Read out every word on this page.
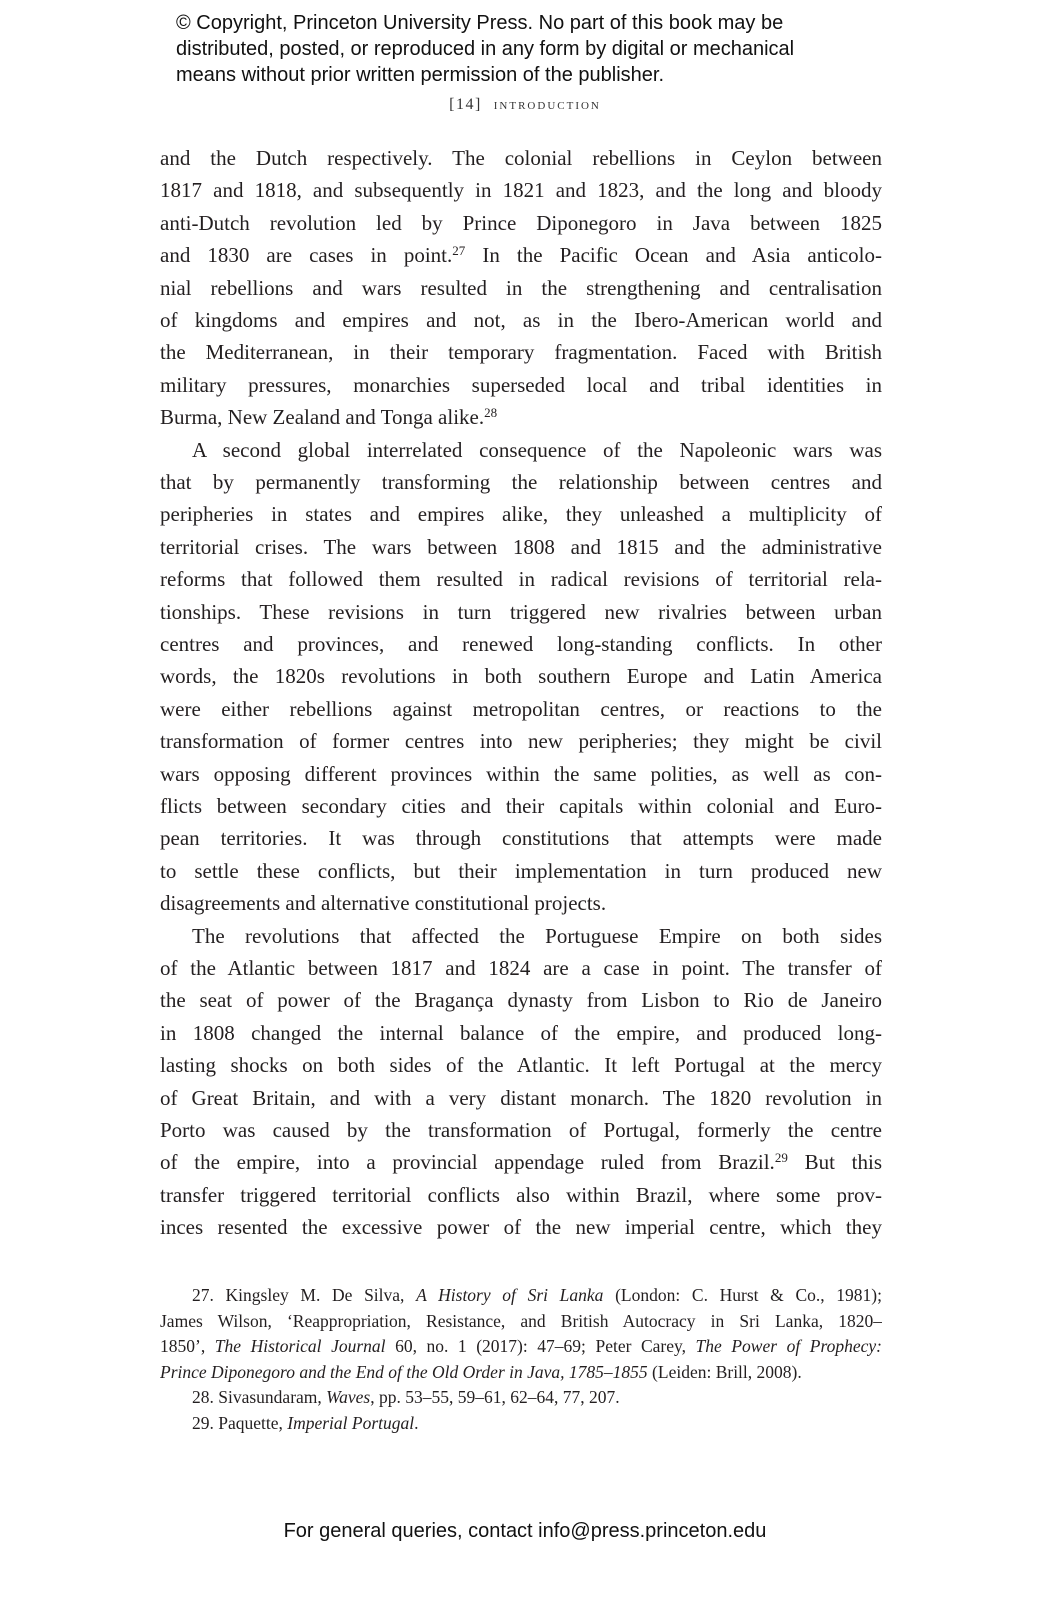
© Copyright, Princeton University Press. No part of this book may be
distributed, posted, or reproduced in any form by digital or mechanical
means without prior written permission of the publisher.
[14] introduction
and the Dutch respectively. The colonial rebellions in Ceylon between
1817 and 1818, and subsequently in 1821 and 1823, and the long and bloody
anti-Dutch revolution led by Prince Diponegoro in Java between 1825
and 1830 are cases in point.$^{27}$ In the Pacific Ocean and Asia anticolo-
nial rebellions and wars resulted in the strengthening and centralisation
of kingdoms and empires and not, as in the Ibero-American world and
the Mediterranean, in their temporary fragmentation. Faced with British
military pressures, monarchies superseded local and tribal identities in
Burma, New Zealand and Tonga alike.$^{28}$
A second global interrelated consequence of the Napoleonic wars was
that by permanently transforming the relationship between centres and
peripheries in states and empires alike, they unleashed a multiplicity of
territorial crises. The wars between 1808 and 1815 and the administrative
reforms that followed them resulted in radical revisions of territorial rela-
tionships. These revisions in turn triggered new rivalries between urban
centres and provinces, and renewed long-standing conflicts. In other
words, the 1820s revolutions in both southern Europe and Latin America
were either rebellions against metropolitan centres, or reactions to the
transformation of former centres into new peripheries; they might be civil
wars opposing different provinces within the same polities, as well as con-
flicts between secondary cities and their capitals within colonial and Euro-
pean territories. It was through constitutions that attempts were made
to settle these conflicts, but their implementation in turn produced new
disagreements and alternative constitutional projects.
The revolutions that affected the Portuguese Empire on both sides
of the Atlantic between 1817 and 1824 are a case in point. The transfer of
the seat of power of the Bragança dynasty from Lisbon to Rio de Janeiro
in 1808 changed the internal balance of the empire, and produced long-
lasting shocks on both sides of the Atlantic. It left Portugal at the mercy
of Great Britain, and with a very distant monarch. The 1820 revolution in
Porto was caused by the transformation of Portugal, formerly the centre
of the empire, into a provincial appendage ruled from Brazil.$^{29}$ But this
transfer triggered territorial conflicts also within Brazil, where some prov-
inces resented the excessive power of the new imperial centre, which they
27. Kingsley M. De Silva, A History of Sri Lanka (London: C. Hurst & Co., 1981);
James Wilson, ‘Reappropriation, Resistance, and British Autocracy in Sri Lanka, 1820–
1850’, The Historical Journal 60, no. 1 (2017): 47–69; Peter Carey, The Power of Prophecy:
Prince Diponegoro and the End of the Old Order in Java, 1785–1855 (Leiden: Brill, 2008).
28. Sivasundaram, Waves, pp. 53–55, 59–61, 62–64, 77, 207.
29. Paquette, Imperial Portugal.
For general queries, contact info@press.princeton.edu
